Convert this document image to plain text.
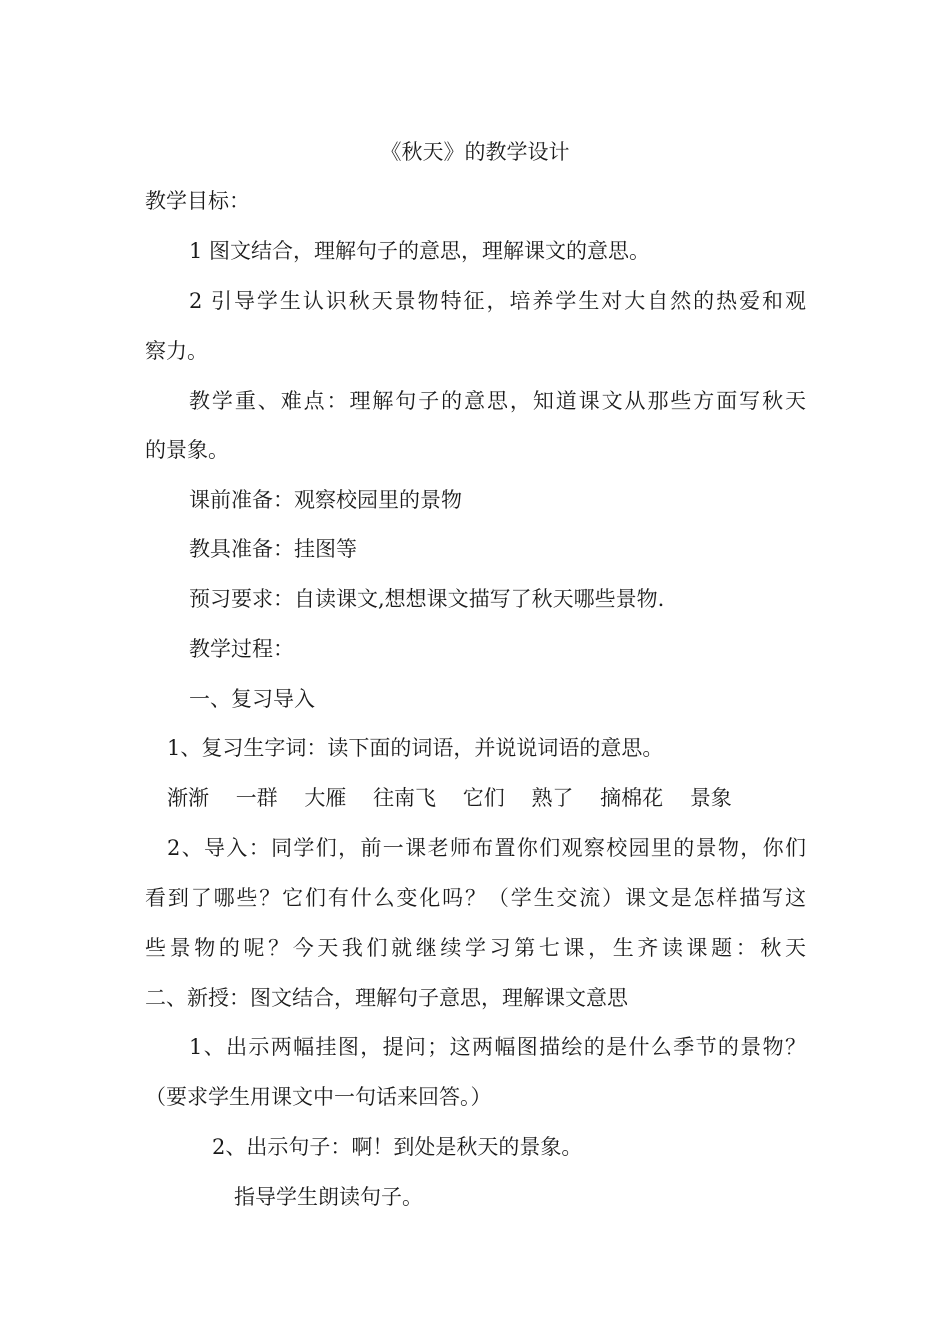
《秋天》的教学设计
教学目标：
1 图文结合，理解句子的意思，理解课文的意思。
2 引导学生认识秋天景物特征，培养学生对大自然的热爱和观
察力。
教学重、难点：理解句子的意思，知道课文从那些方面写秋天
的景象。
课前准备：观察校园里的景物
教具准备：挂图等
预习要求：自读课文,想想课文描写了秋天哪些景物.
教学过程：
一、复习导入
1、复习生字词：读下面的词语，并说说词语的意思。
渐渐 一群 大雁 往南飞 它们 熟了 摘棉花 景象
2、导入：同学们，前一课老师布置你们观察校园里的景物，你们
看到了哪些？它们有什么变化吗？（学生交流）课文是怎样描写这
些景物的呢？今天我们就继续学习第七课，生齐读课题：秋天
二、新授：图文结合，理解句子意思，理解课文意思
1、出示两幅挂图，提问；这两幅图描绘的是什么季节的景物？
（要求学生用课文中一句话来回答。）
2、出示句子：啊！到处是秋天的景象。
指导学生朗读句子。
